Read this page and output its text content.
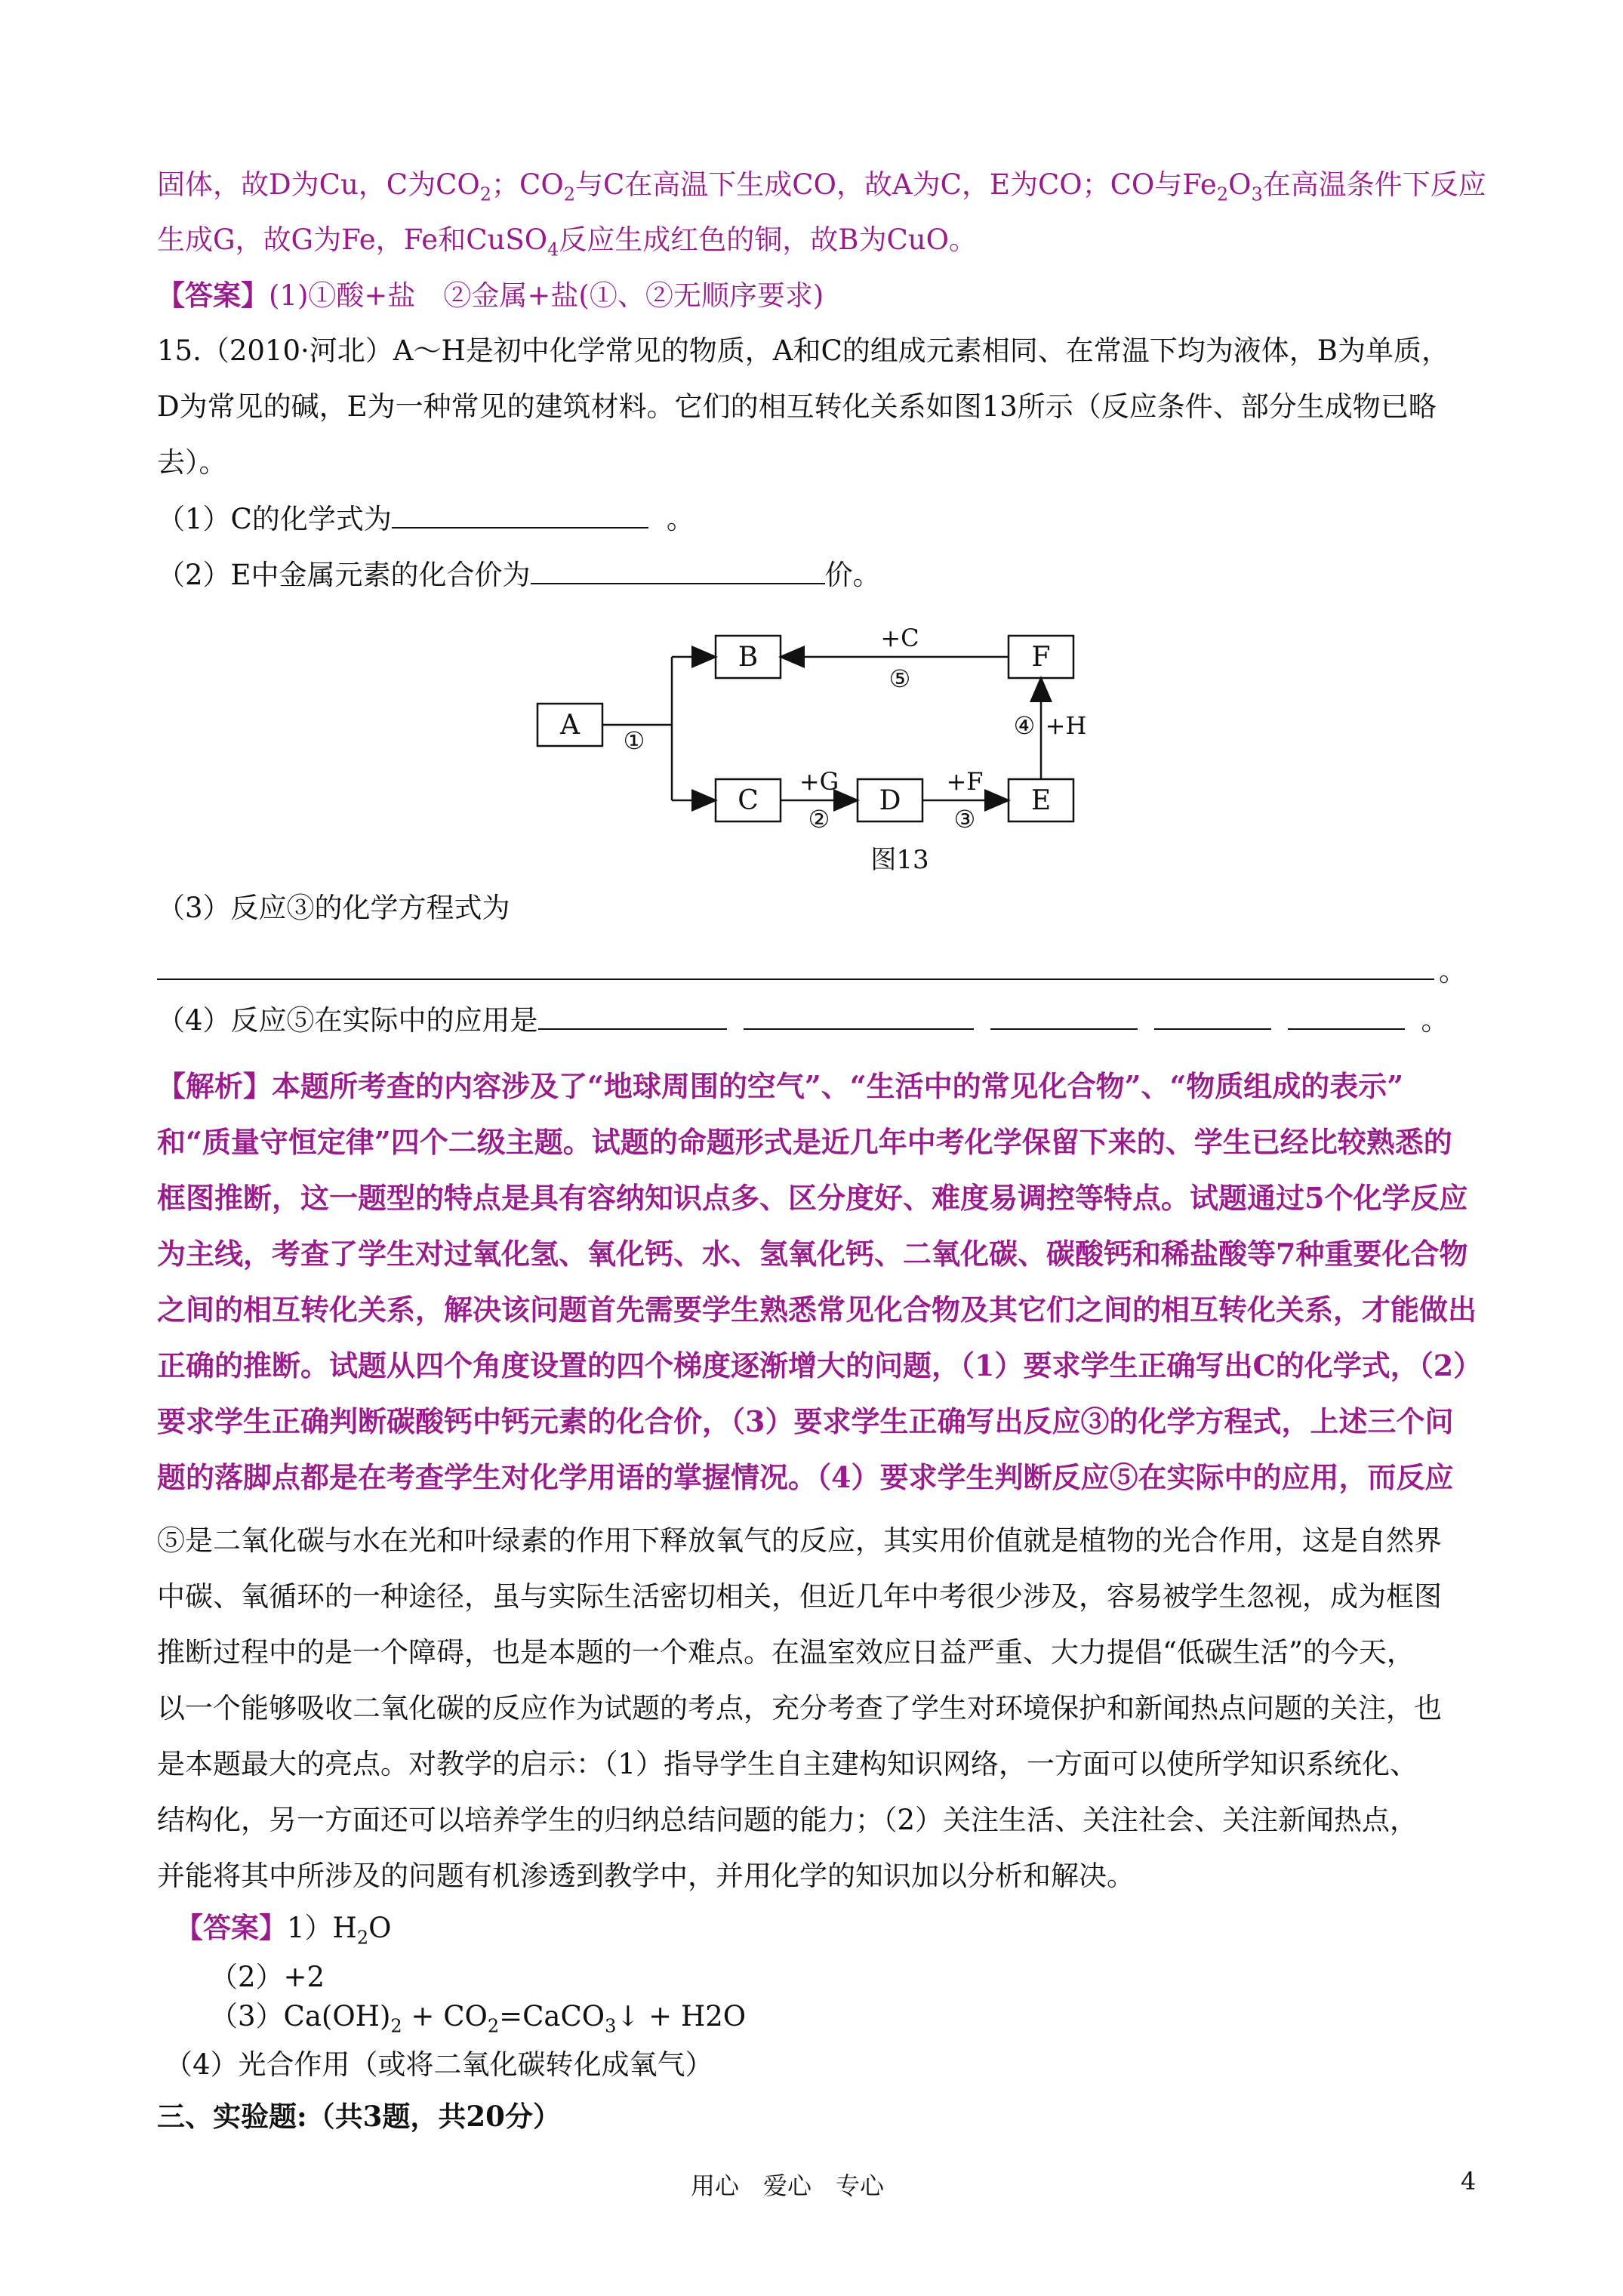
固体，故D为Cu，C为$CO_2$；$CO_2$与C在高温下生成CO，故A为C，E为CO；CO与$Fe_2O_3$在高温条件下反应
生成G，故G为Fe，Fe和CuSO$_4$反应生成红色的铜，故B为CuO。
【答案】(1)①酸+盐　②金属+盐(①、②无顺序要求)
15.（2010·河北）A～H是初中化学常见的物质，A和C的组成元素相同、在常温下均为液体，B为单质，
D为常见的碱，E为一种常见的建筑材料。它们的相互转化关系如图13所示（反应条件、部分生成物已略
去）。
（1）C的化学式为	。
（2）E中金属元素的化合价为	价。
A
B
C	D	E
F
①
+G
②
+F
③
④ +H
+C
⑤
图13
（3）反应③的化学方程式为
。
（4）反应⑤在实际中的应用是	。
【解析】本题所考查的内容涉及了“地球周围的空气”、“生活中的常见化合物”、“物质组成的表示”
和“质量守恒定律”四个二级主题。试题的命题形式是近几年中考化学保留下来的、学生已经比较熟悉的
框图推断，这一题型的特点是具有容纳知识点多、区分度好、难度易调控等特点。试题通过5个化学反应
为主线，考查了学生对过氧化氢、氧化钙、水、氢氧化钙、二氧化碳、碳酸钙和稀盐酸等7种重要化合物
之间的相互转化关系，解决该问题首先需要学生熟悉常见化合物及其它们之间的相互转化关系，才能做出
正确的推断。试题从四个角度设置的四个梯度逐渐增大的问题，（1）要求学生正确写出C的化学式，（2）
要求学生正确判断碳酸钙中钙元素的化合价，（3）要求学生正确写出反应③的化学方程式，上述三个问
题的落脚点都是在考查学生对化学用语的掌握情况。（4）要求学生判断反应⑤在实际中的应用，而反应
⑤是二氧化碳与水在光和叶绿素的作用下释放氧气的反应，其实用价值就是植物的光合作用，这是自然界
中碳、氧循环的一种途径，虽与实际生活密切相关，但近几年中考很少涉及，容易被学生忽视，成为框图
推断过程中的是一个障碍，也是本题的一个难点。在温室效应日益严重、大力提倡“低碳生活”的今天，
以一个能够吸收二氧化碳的反应作为试题的考点，充分考查了学生对环境保护和新闻热点问题的关注，也
是本题最大的亮点。对教学的启示：（1）指导学生自主建构知识网络，一方面可以使所学知识系统化、
结构化，另一方面还可以培养学生的归纳总结问题的能力；（2）关注生活、关注社会、关注新闻热点，
并能将其中所涉及的问题有机渗透到教学中，并用化学的知识加以分析和解决。
【答案】$1)H_2O$
（2）+2
$(3)Ca(OH)_2$ + $CO_2=CaCO_3↓ + H2O$
（4）光合作用（或将二氧化碳转化成氧气）
三、实验题:（共3题，共20分）
用心　爱心　专心	4
